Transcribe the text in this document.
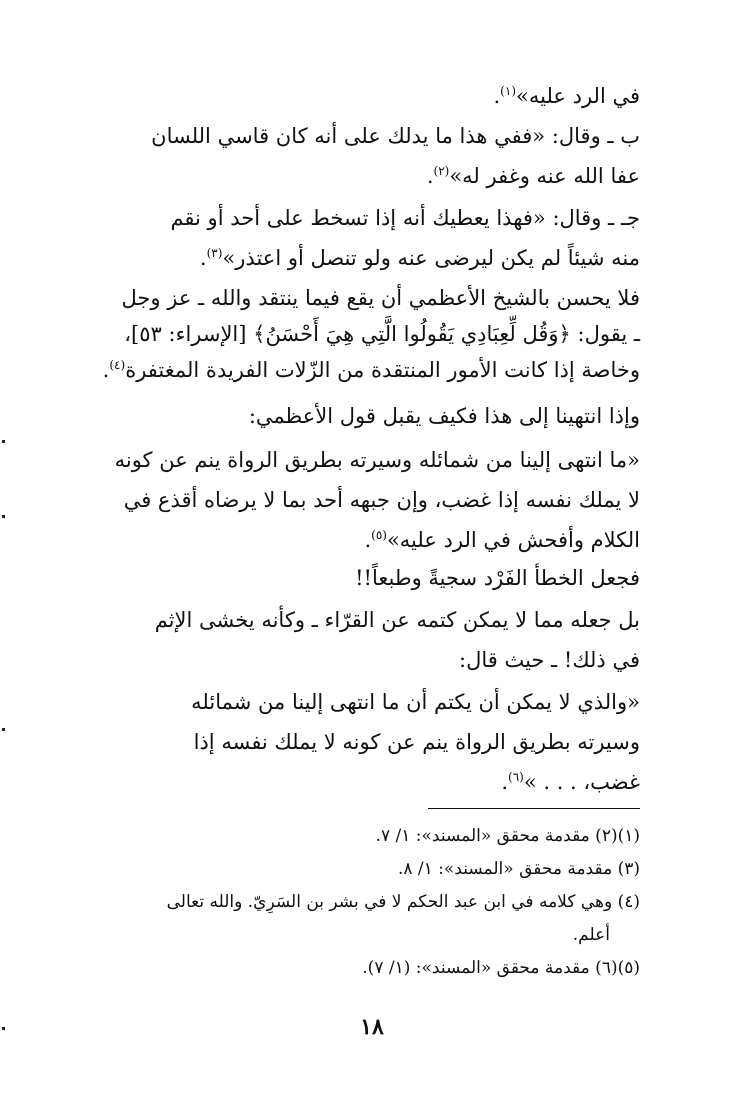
في الرد عليه»$^{(١)}$.
ب ـ وقال: «ففي هذا ما يدلك على أنه كان قاسي اللسان
عفا الله عنه وغفر له»$^{(٢)}$.
جـ ـ وقال: «فهذا يعطيك أنه إذا تسخط على أحد أو نقم
منه شيئاً لم يكن ليرضى عنه ولو تنصل أو اعتذر»$^{(٣)}$.
فلا يحسن بالشيخ الأعظمي أن يقع فيما ينتقد والله ـ عز وجل
ـ يقول: ﴿وَقُل لِّعِبَادِي يَقُولُوا الَّتِي هِيَ أَحْسَنُ﴾ [الإسراء: ٥٣]،
وخاصة إذا كانت الأمور المنتقدة من الزّلات الفريدة المغتفرة$^{(٤)}$.
وإذا انتهينا إلى هذا فكيف يقبل قول الأعظمي:
«ما انتهى إلينا من شمائله وسيرته بطريق الرواة ينم عن كونه
لا يملك نفسه إذا غضب، وإن جبهه أحد بما لا يرضاه أقذع في
الكلام وأفحش في الرد عليه»$^{(٥)}$.
فجعل الخطأ الفَرْد سجيةً وطبعاً!!
بل جعله مما لا يمكن كتمه عن القرّاء ـ وكأنه يخشى الإثم
في ذلك! ـ حيث قال:
«والذي لا يمكن أن يكتم أن ما انتهى إلينا من شمائله
وسيرته بطريق الرواة ينم عن كونه لا يملك نفسه إذا
غضب، . . . »$^{(٦)}$.
(١)(٢) مقدمة محقق «المسند»: ١/ ٧.
(٣) مقدمة محقق «المسند»: ١/ ٨.
(٤) وهي كلامه في ابن عبد الحكم لا في بشر بن السَرِيّ. والله تعالى
أعلم.
(٥)(٦) مقدمة محقق «المسند»: (١/ ٧).
١٨
